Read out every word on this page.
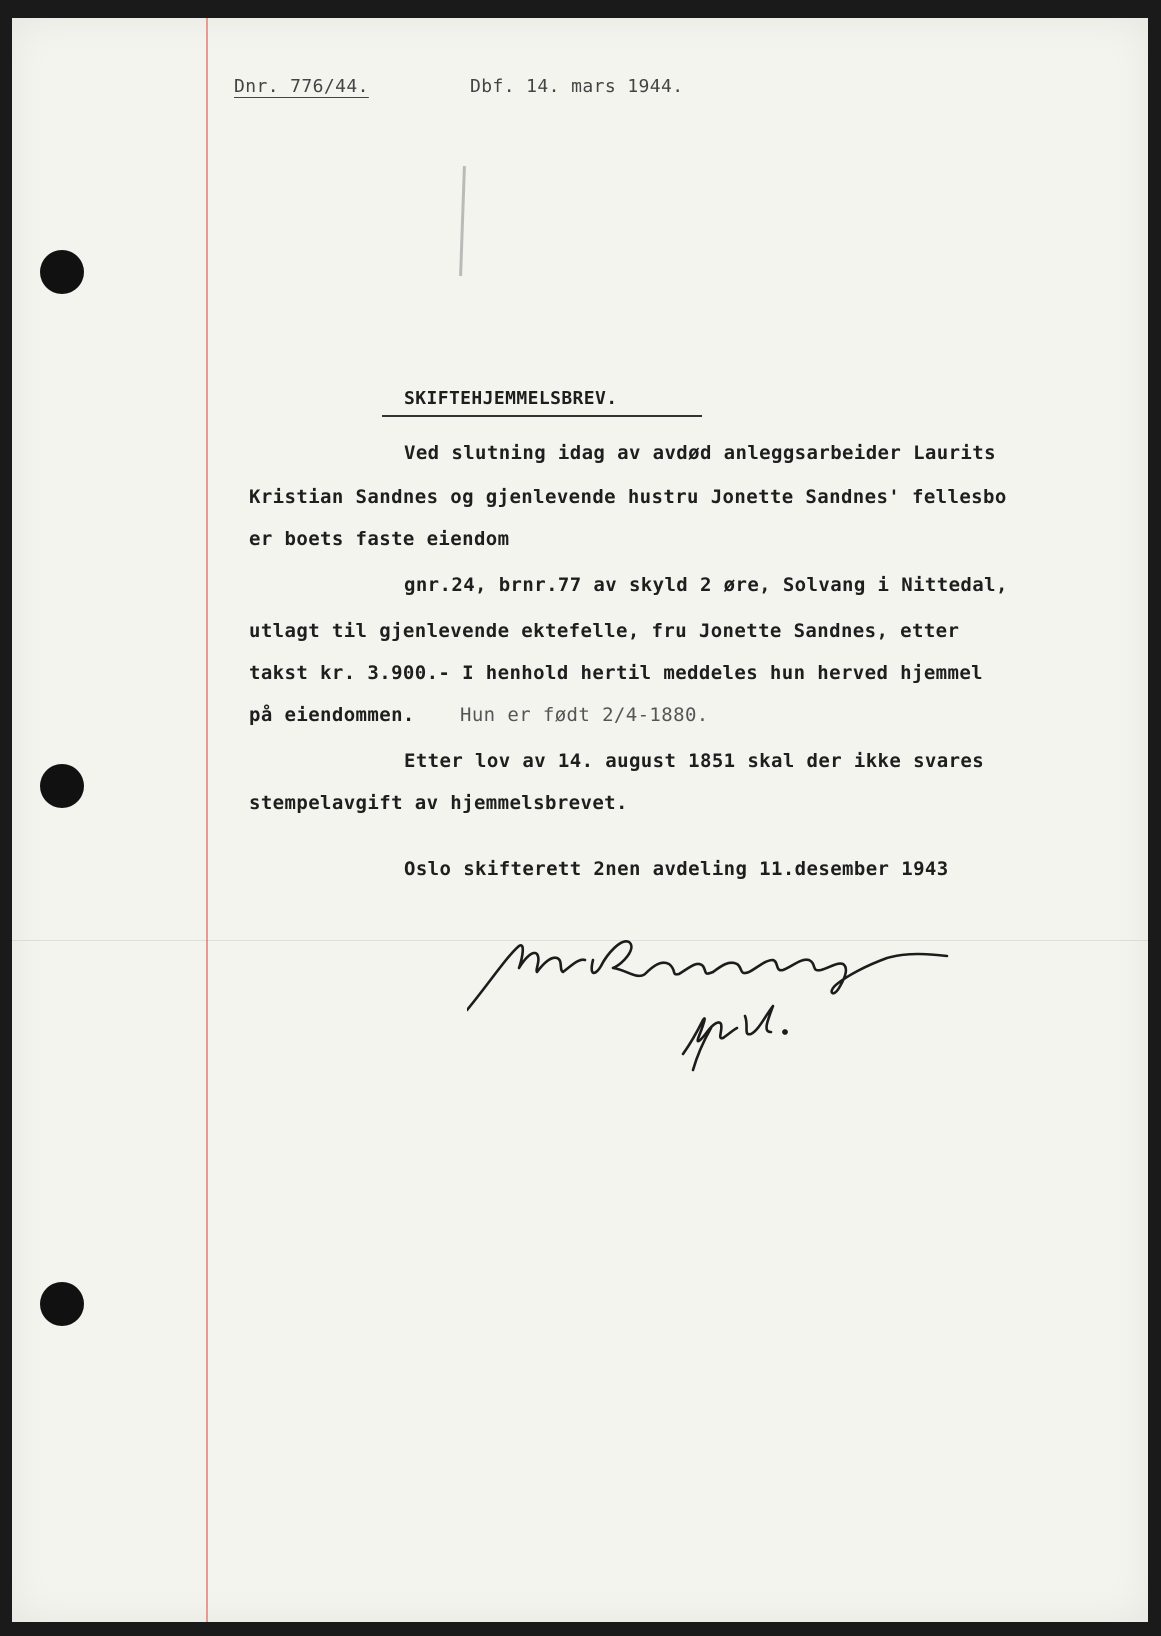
Dnr. 776/44.	Dbf. 14. mars 1944.
SKIFTEHJEMMELSBREV.
Ved slutning idag av avdød anleggsarbeider Laurits
Kristian Sandnes og gjenlevende hustru Jonette Sandnes' fellesbo
er boets faste eiendom
gnr.24, brnr.77 av skyld 2 øre, Solvang i Nittedal,
utlagt til gjenlevende ektefelle, fru Jonette Sandnes, etter
takst kr. 3.900.- I henhold hertil meddeles hun herved hjemmel
på eiendommen. Hun er født 2/4-1880.
Etter lov av 14. august 1851 skal der ikke svares
stempelavgift av hjemmelsbrevet.
Oslo skifterett 2nen avdeling 11.desember 1943
